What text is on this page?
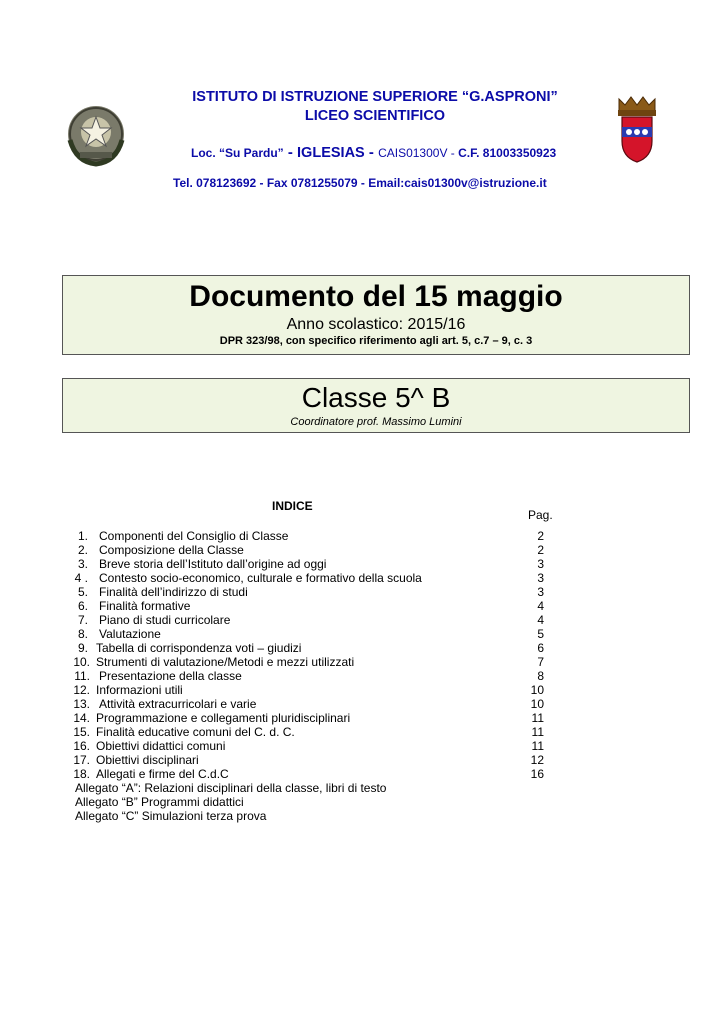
ISTITUTO DI ISTRUZIONE SUPERIORE “G.ASPRONI”
LICEO SCIENTIFICO
Loc. “Su Pardu” - IGLESIAS - CAIS01300V - C.F. 81003350923
Tel. 078123692 - Fax 0781255079 - Email:cais01300v@istruzione.it
Documento del 15 maggio
Anno scolastico: 2015/16
DPR 323/98, con specifico riferimento agli art. 5, c.7 – 9, c. 3
Classe 5^ B
Coordinatore prof. Massimo Lumini
INDICE
Pag.
1. Componenti del Consiglio di Classe	2
2. Composizione della Classe	2
3. Breve storia dell’Istituto dall’origine ad oggi	3
4 . Contesto socio-economico, culturale e formativo della scuola	3
5. Finalità dell’indirizzo di studi	3
6. Finalità formative	4
7. Piano di studi curricolare	4
8. Valutazione	5
9. Tabella di corrispondenza voti – giudizi	6
10. Strumenti di valutazione/Metodi e mezzi utilizzati	7
11. Presentazione della classe	8
12. Informazioni utili	10
13. Attività extracurricolari e varie	10
14. Programmazione e collegamenti pluridisciplinari	11
15. Finalità educative comuni del C. d. C.	11
16. Obiettivi didattici comuni	11
17. Obiettivi disciplinari	12
18. Allegati e firme del C.d.C	16
Allegato “A”: Relazioni disciplinari della classe, libri di testo
Allegato “B” Programmi didattici
Allegato “C” Simulazioni terza prova
